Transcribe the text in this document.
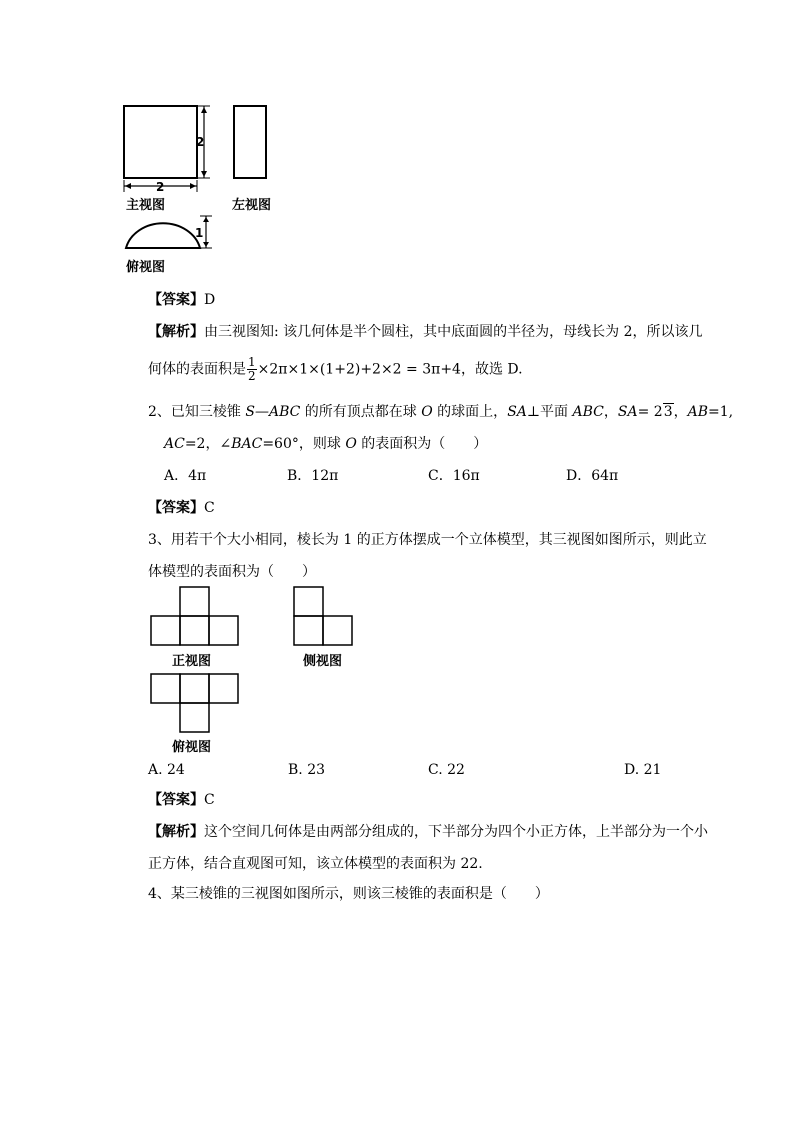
2
2
1
主视图	左视图
俯视图
【答案】D
【解析】由三视图知: 该几何体是半个圆柱，其中底面圆的半径为，母线长为 2，所以该几
何体的表面积是 $\frac{1}{2} \times 2\pi\times 1\times(1+2)+2\times 2 = 3\pi+4$，故选 D.
2、已知三棱锥 S—ABC 的所有顶点都在球 O 的球面上，SA⊥平面 ABC，SA= 23，AB=1,
AC=2，∠BAC=60°，则球 O 的表面积为（　　）
A．4π	B．12π	C．16π	D．64π
【答案】C
3、用若干个大小相同，棱长为 1 的正方体摆成一个立体模型，其三视图如图所示，则此立
体模型的表面积为（　　）
正视图	侧视图
俯视图
A. 24	B. 23	C. 22	D. 21
【答案】C
【解析】这个空间几何体是由两部分组成的，下半部分为四个小正方体，上半部分为一个小
正方体，结合直观图可知，该立体模型的表面积为 22.
4、某三棱锥的三视图如图所示，则该三棱锥的表面积是（　　）
